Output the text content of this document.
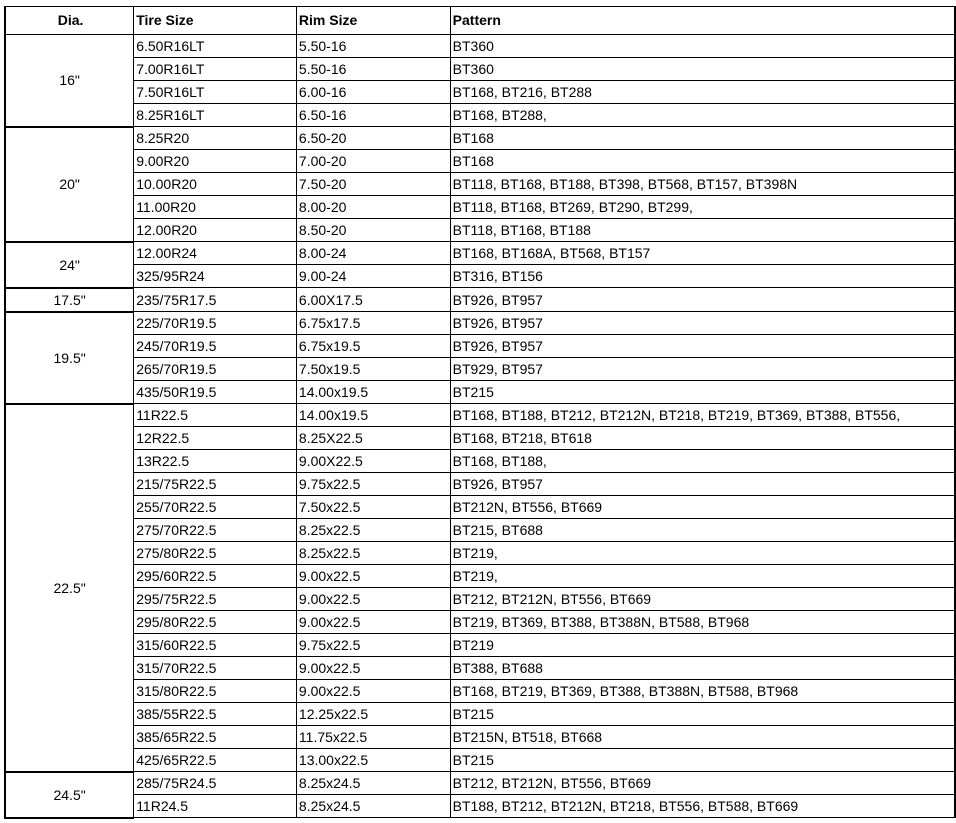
Dia.	Tire Size	Rim Size	Pattern
16"	6.50R16LT	5.50-16	BT360
	7.00R16LT	5.50-16	BT360
	7.50R16LT	6.00-16	BT168, BT216, BT288
	8.25R16LT	6.50-16	BT168, BT288,
20"	8.25R20	6.50-20	BT168
	9.00R20	7.00-20	BT168
	10.00R20	7.50-20	BT118, BT168, BT188, BT398, BT568, BT157, BT398N
	11.00R20	8.00-20	BT118, BT168, BT269, BT290, BT299,
	12.00R20	8.50-20	BT118, BT168, BT188
24"	12.00R24	8.00-24	BT168, BT168A, BT568, BT157
	325/95R24	9.00-24	BT316, BT156
17.5"	235/75R17.5	6.00X17.5	BT926, BT957
19.5"	225/70R19.5	6.75x17.5	BT926, BT957
	245/70R19.5	6.75x19.5	BT926, BT957
	265/70R19.5	7.50x19.5	BT929, BT957
	435/50R19.5	14.00x19.5	BT215
22.5"	11R22.5	14.00x19.5	BT168, BT188, BT212, BT212N, BT218, BT219, BT369, BT388, BT556,
	12R22.5	8.25X22.5	BT168, BT218, BT618
	13R22.5	9.00X22.5	BT168, BT188,
	215/75R22.5	9.75x22.5	BT926, BT957
	255/70R22.5	7.50x22.5	BT212N, BT556, BT669
	275/70R22.5	8.25x22.5	BT215, BT688
	275/80R22.5	8.25x22.5	BT219,
	295/60R22.5	9.00x22.5	BT219,
	295/75R22.5	9.00x22.5	BT212, BT212N, BT556, BT669
	295/80R22.5	9.00x22.5	BT219, BT369, BT388, BT388N, BT588, BT968
	315/60R22.5	9.75x22.5	BT219
	315/70R22.5	9.00x22.5	BT388, BT688
	315/80R22.5	9.00x22.5	BT168, BT219, BT369, BT388, BT388N, BT588, BT968
	385/55R22.5	12.25x22.5	BT215
	385/65R22.5	11.75x22.5	BT215N, BT518, BT668
	425/65R22.5	13.00x22.5	BT215
24.5"	285/75R24.5	8.25x24.5	BT212, BT212N, BT556, BT669
	11R24.5	8.25x24.5	BT188, BT212, BT212N, BT218, BT556, BT588, BT669
